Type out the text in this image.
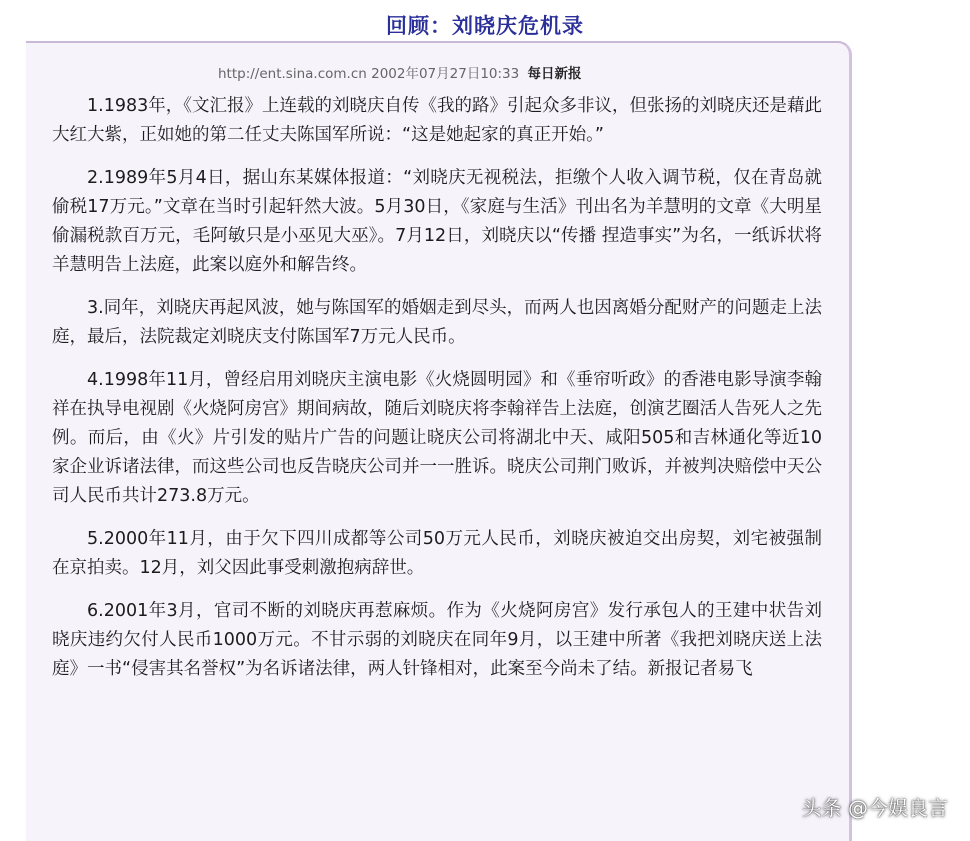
回顾：刘晓庆危机录
http://ent.sina.com.cn 2002年07月27日10:33 每日新报

1.1983年，《文汇报》上连载的刘晓庆自传《我的路》引起众多非议，但张扬的刘晓庆还是藉此大红大紫，正如她的第二任丈夫陈国军所说：“这是她起家的真正开始。”

2.1989年5月4日，据山东某媒体报道：“刘晓庆无视税法，拒缴个人收入调节税，仅在青岛就偷税17万元。”文章在当时引起轩然大波。5月30日，《家庭与生活》刊出名为羊慧明的文章《大明星偷漏税款百万元，毛阿敏只是小巫见大巫》。7月12日，刘晓庆以“传播 捏造事实”为名，一纸诉状将羊慧明告上法庭，此案以庭外和解告终。

3.同年，刘晓庆再起风波，她与陈国军的婚姻走到尽头，而两人也因离婚分配财产的问题走上法庭，最后，法院裁定刘晓庆支付陈国军7万元人民币。

4.1998年11月，曾经启用刘晓庆主演电影《火烧圆明园》和《垂帘听政》的香港电影导演李翰祥在执导电视剧《火烧阿房宫》期间病故，随后刘晓庆将李翰祥告上法庭，创演艺圈活人告死人之先例。而后，由《火》片引发的贴片广告的问题让晓庆公司将湖北中天、咸阳505和吉林通化等近10家企业诉诸法律，而这些公司也反告晓庆公司并一一胜诉。晓庆公司荆门败诉，并被判决赔偿中天公司人民币共计273.8万元。

5.2000年11月，由于欠下四川成都等公司50万元人民币，刘晓庆被迫交出房契，刘宅被强制在京拍卖。12月，刘父因此事受刺激抱病辞世。

6.2001年3月，官司不断的刘晓庆再惹麻烦。作为《火烧阿房宫》发行承包人的王建中状告刘晓庆违约欠付人民币1000万元。不甘示弱的刘晓庆在同年9月，以王建中所著《我把刘晓庆送上法庭》一书“侵害其名誉权”为名诉诸法律，两人针锋相对，此案至今尚未了结。新报记者易飞

头条 @今娱良言
